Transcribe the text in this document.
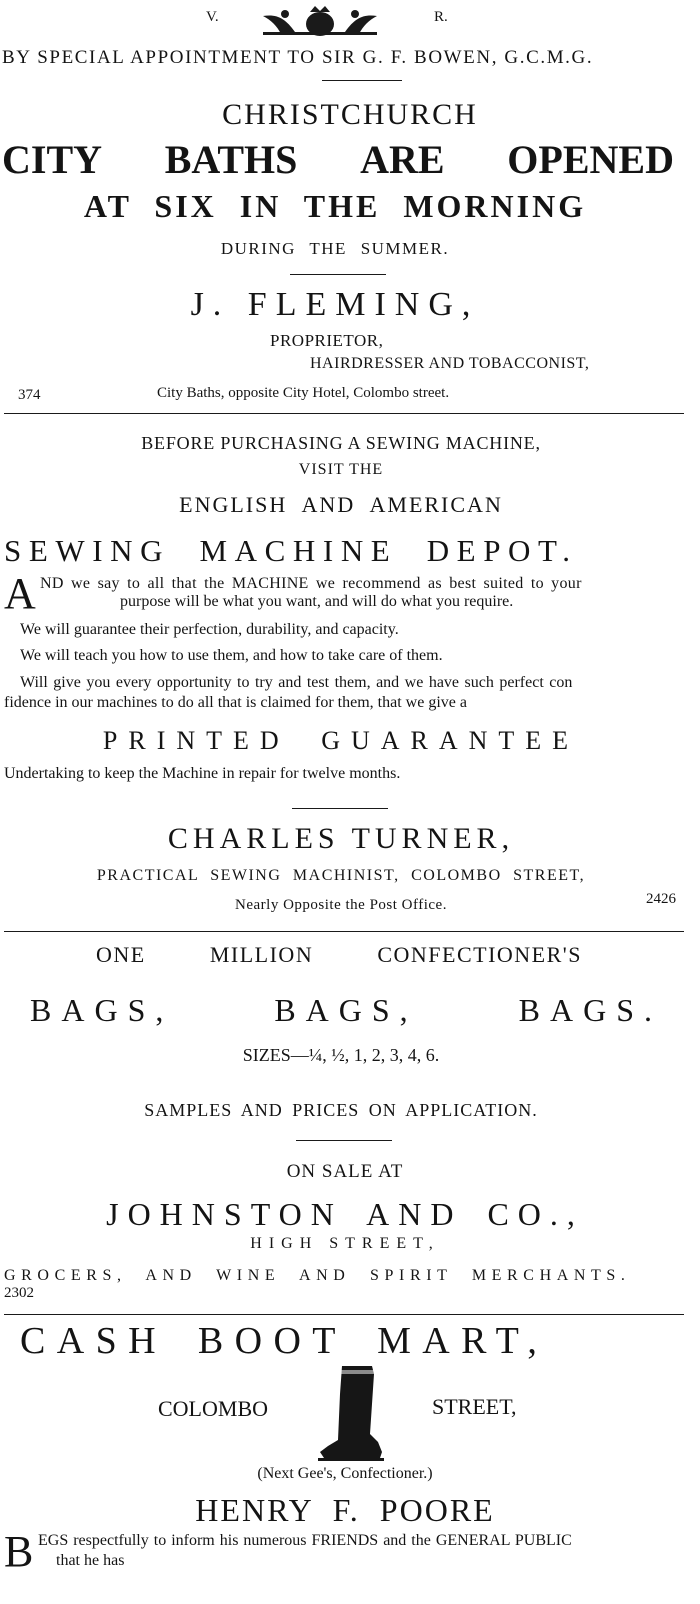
V.	R.
BY SPECIAL APPOINTMENT TO SIR G. F. BOWEN, G.C.M.G.
CHRISTCHURCH
CITY BATHS ARE OPENED
AT SIX IN THE MORNING
DURING THE SUMMER.
J. FLEMING,
PROPRIETOR,
HAIRDRESSER AND TOBACCONIST,
374	City Baths, opposite City Hotel, Colombo street.
BEFORE PURCHASING A SEWING MACHINE,
VISIT THE
ENGLISH AND AMERICAN
SEWING MACHINE DEPOT.
A ND we say to all that the MACHINE we recommend as best suited to your
purpose will be what you want, and will do what you require.
We will guarantee their perfection, durability, and capacity.
We will teach you how to use them, and how to take care of them.
Will give you every opportunity to try and test them, and we have such perfect con
fidence in our machines to do all that is claimed for them, that we give a
PRINTED GUARANTEE
Undertaking to keep the Machine in repair for twelve months.
CHARLES TURNER,
PRACTICAL SEWING MACHINIST, COLOMBO STREET,
Nearly Opposite the Post Office.	2426
ONE	MILLION	CONFECTIONER'S
BAGS,	BAGS,	BAGS.
SIZES—¼, ½, 1, 2, 3, 4, 6.
SAMPLES AND PRICES ON APPLICATION.
ON SALE AT
JOHNSTON AND CO.,
HIGH STREET,
GROCERS, AND WINE AND SPIRIT MERCHANTS.
2302
CASH BOOT MART,
COLOMBO	STREET,
(Next Gee's, Confectioner.)
HENRY F. POORE
B EGS respectfully to inform his numerous FRIENDS and the GENERAL PUBLIC
that he has
